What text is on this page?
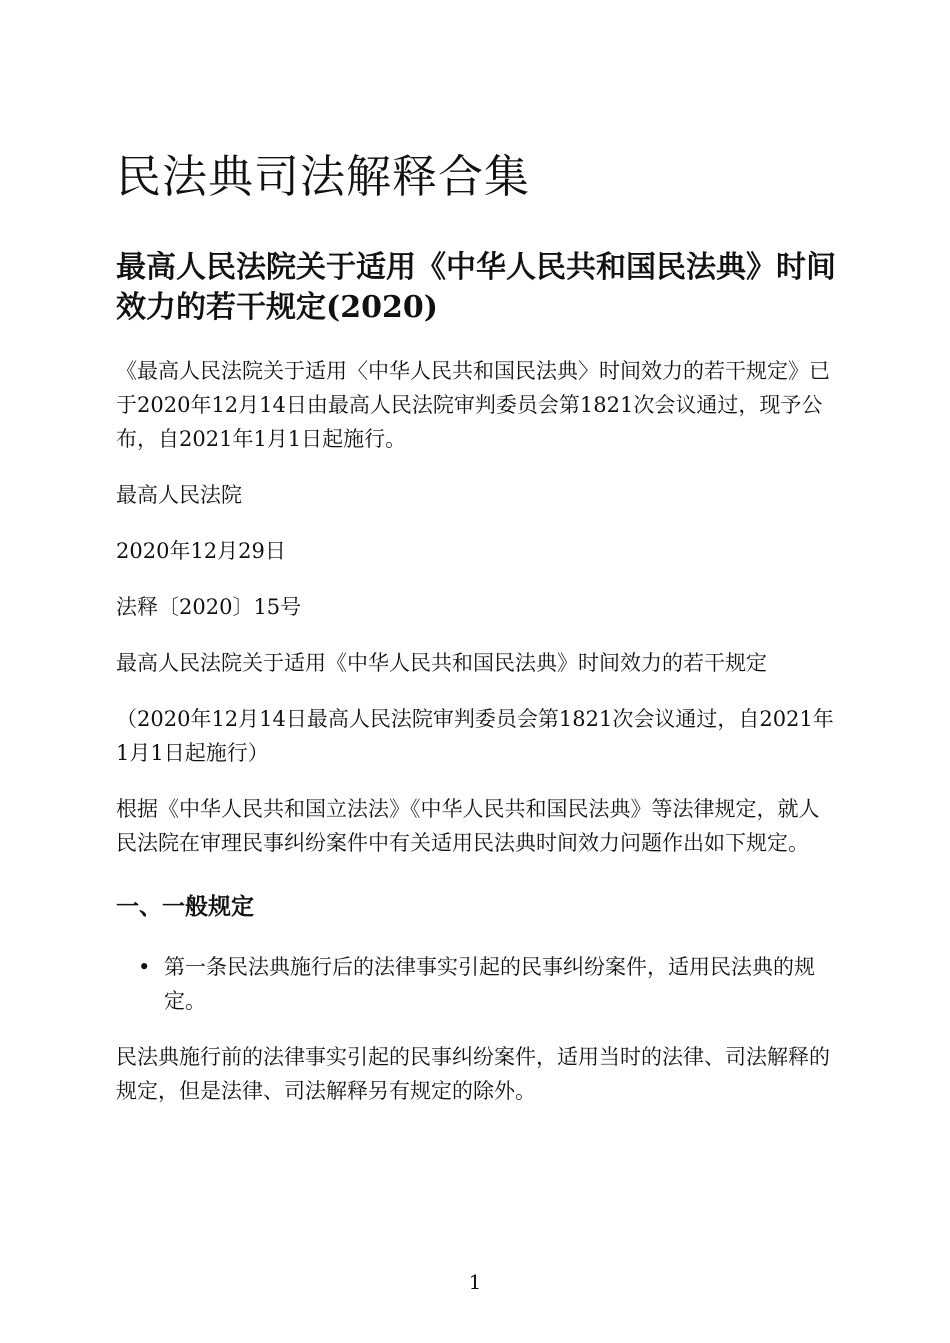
民法典司法解释合集
最高人民法院关于适用《中华人民共和国民法典》时间效力的若干规定(2020)

《最高人民法院关于适用〈中华人民共和国民法典〉时间效力的若干规定》已于2020年12月14日由最高人民法院审判委员会第1821次会议通过，现予公布，自2021年1月1日起施行。

最高人民法院

2020年12月29日

法释〔2020〕15号

最高人民法院关于适用《中华人民共和国民法典》时间效力的若干规定

（2020年12月14日最高人民法院审判委员会第1821次会议通过，自2021年1月1日起施行）

根据《中华人民共和国立法法》《中华人民共和国民法典》等法律规定，就人民法院在审理民事纠纷案件中有关适用民法典时间效力问题作出如下规定。

一、一般规定
• 第一条民法典施行后的法律事实引起的民事纠纷案件，适用民法典的规定。

民法典施行前的法律事实引起的民事纠纷案件，适用当时的法律、司法解释的规定，但是法律、司法解释另有规定的除外。

1
